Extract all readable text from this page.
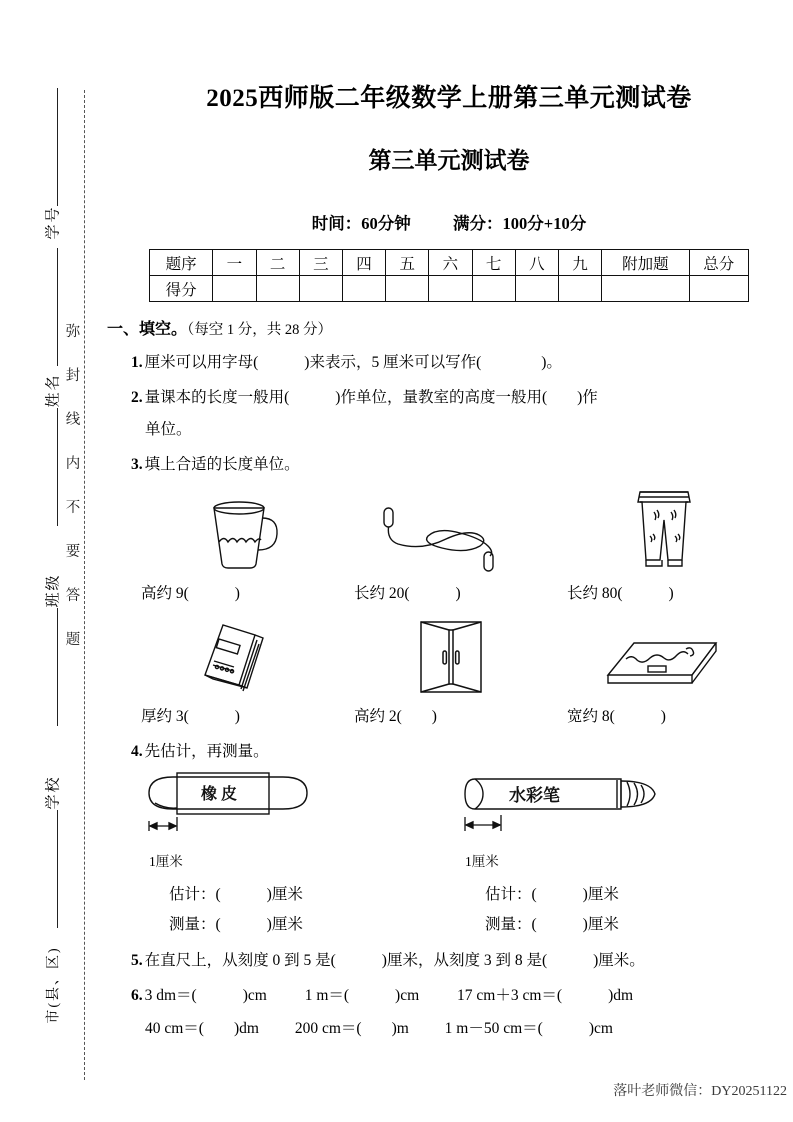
学号
姓名
班级
学校
市(县、区)
弥
封
线
内
不
要
答
题
2025西师版二年级数学上册第三单元测试卷
第三单元测试卷
时间：60分钟	满分：100分+10分
题序	一	二	三	四	五	六	七	八	九	附加题	总分
得分											
一、填空。（每空 1 分，共 28 分）
1. 厘米可以用字母(	)来表示，5 厘米可以写作(	)。
2. 量课本的长度一般用(	)作单位，量教室的高度一般用( )作
单位。
3. 填上合适的长度单位。
高约 9(	)	长约 20(	)	长约 80(	)
厚约 3(	)	高约 2( )	宽约 8(	)
4. 先估计，再测量。
橡 皮
1厘米
估计：(	)厘米
测量：(	)厘米
水彩笔
1厘米
估计：(	)厘米
测量：(	)厘米
5. 在直尺上，从刻度 0 到 5 是(	)厘米，从刻度 3 到 8 是(	)厘米。
6. 3 dm＝(	)cm 1 m＝(	)cm 17 cm＋3 cm＝(	)dm
40 cm＝( )dm 200 cm＝( )m 1 m－50 cm＝(	)cm
落叶老师微信：DY20251122
